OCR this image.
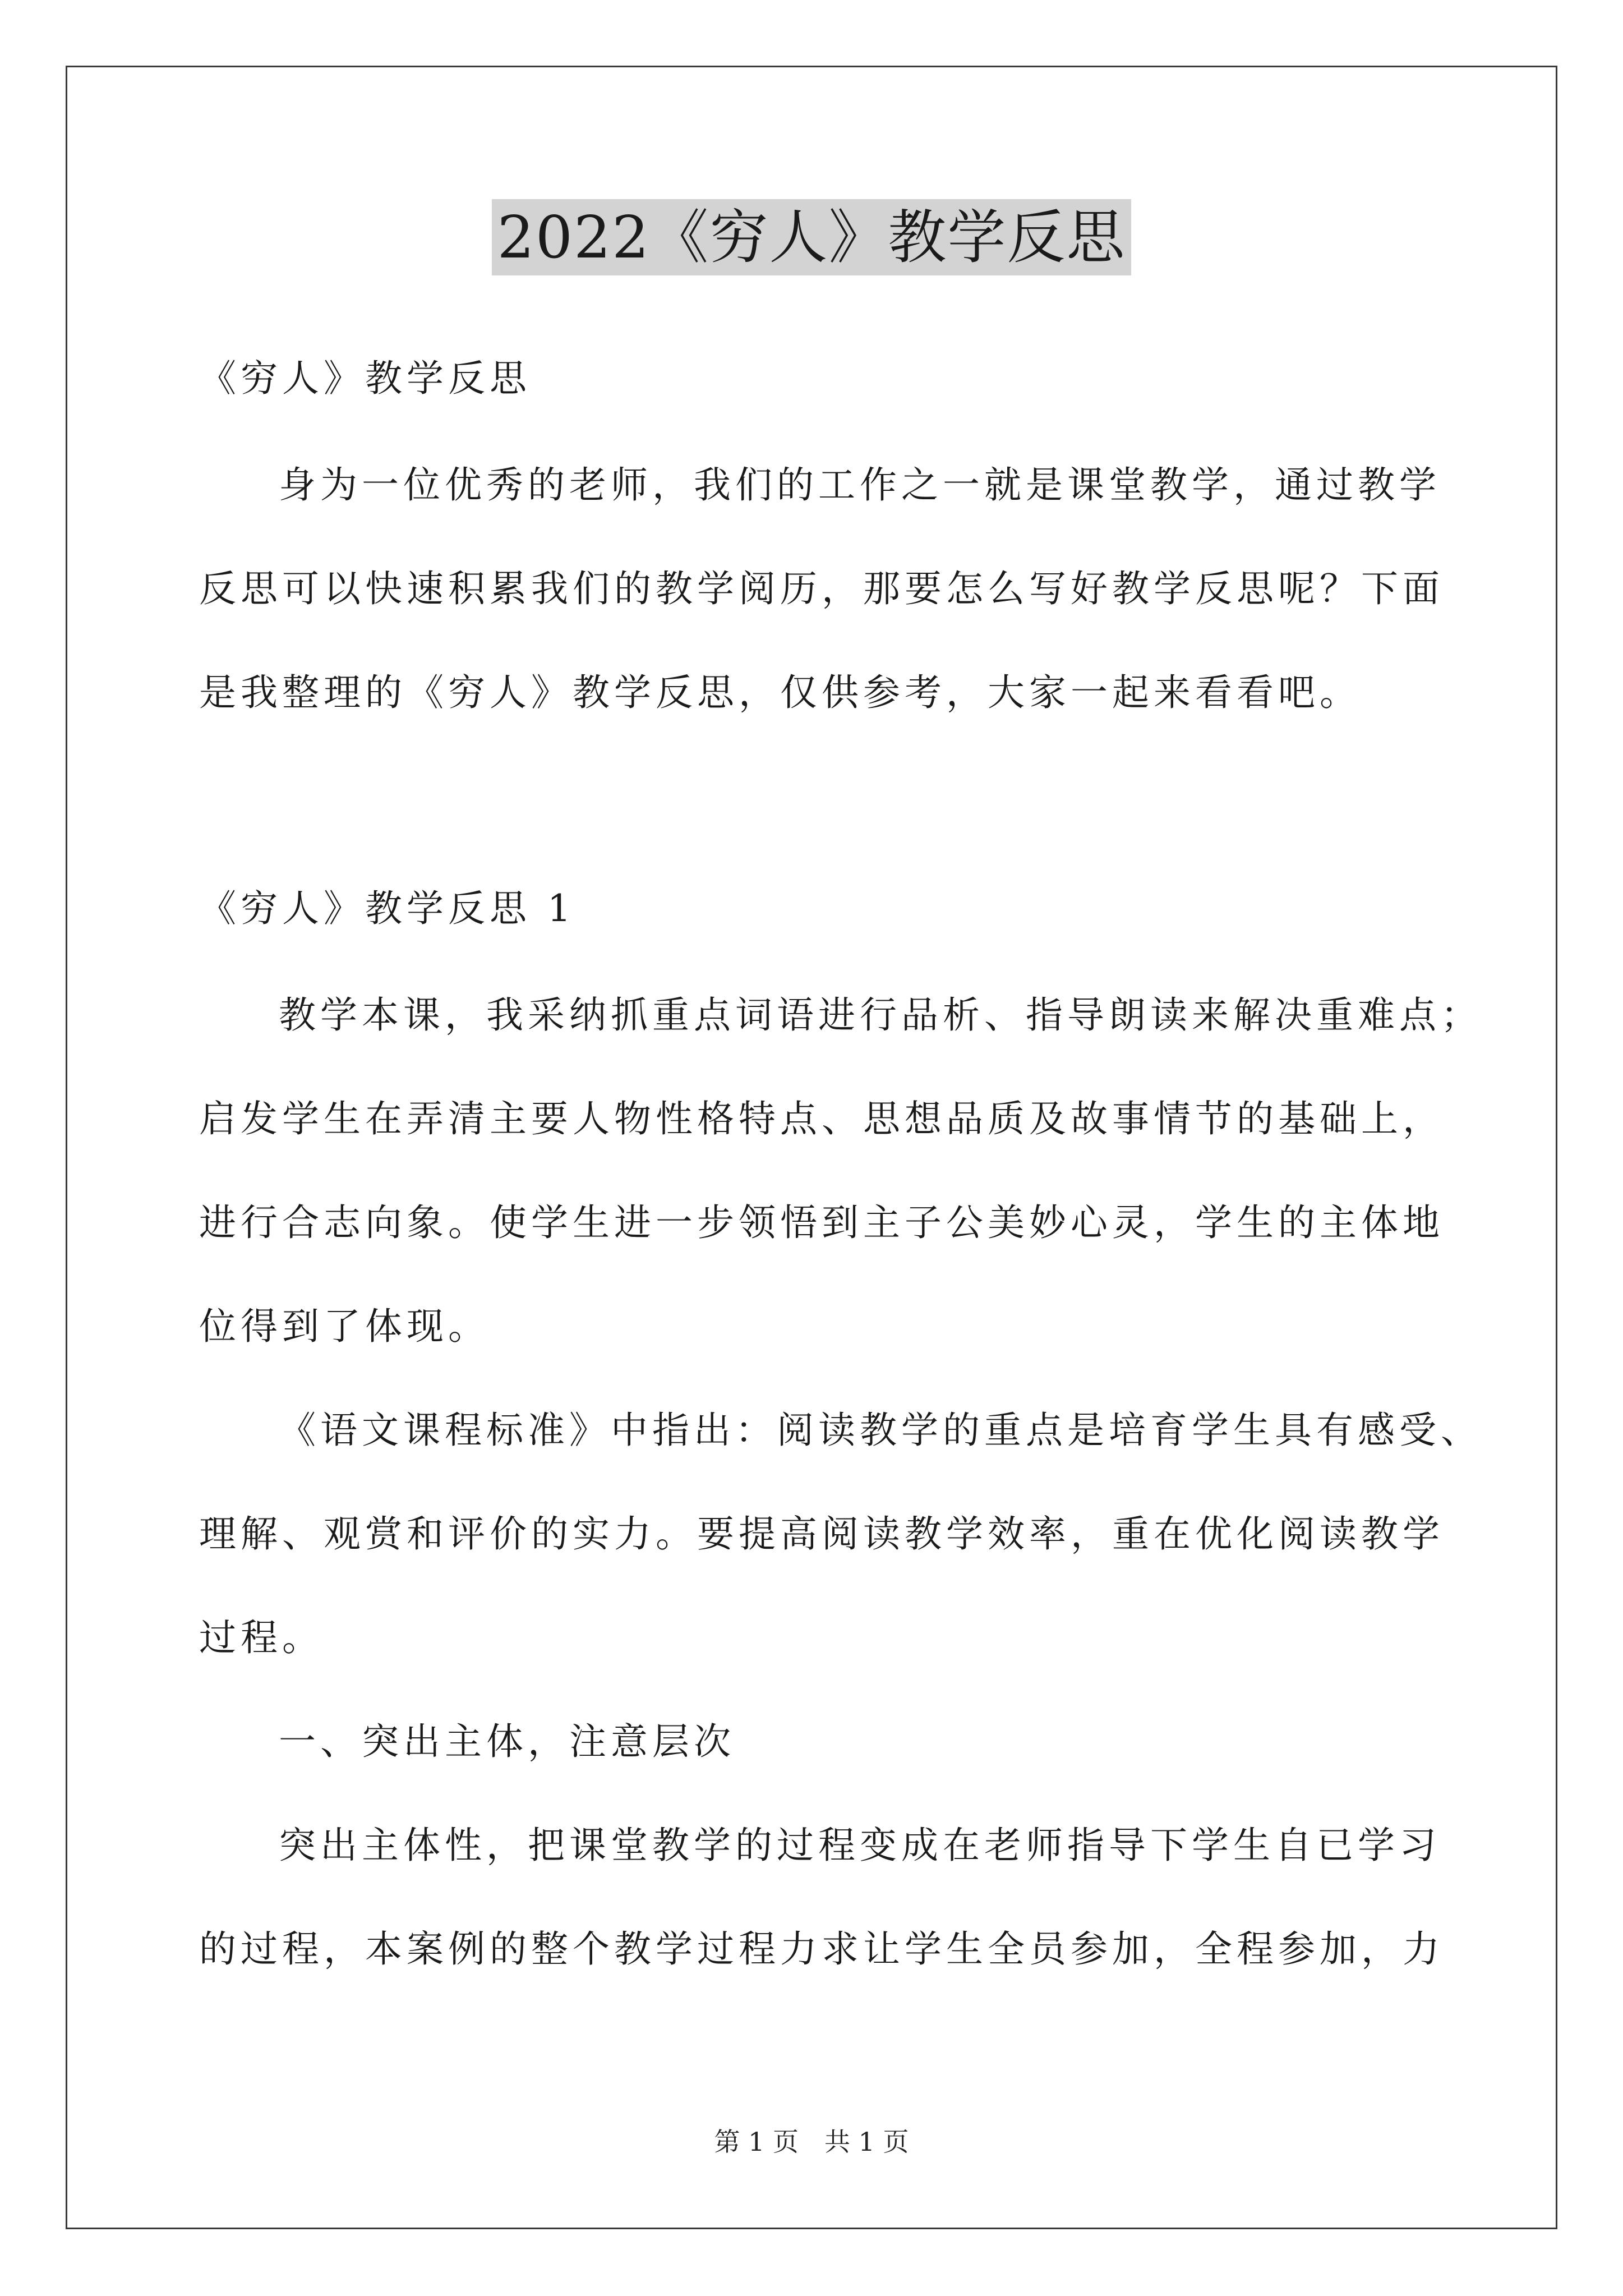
2022《穷人》教学反思
《穷人》教学反思
身为一位优秀的老师，我们的工作之一就是课堂教学，通过教学
反思可以快速积累我们的教学阅历，那要怎么写好教学反思呢？下面
是我整理的《穷人》教学反思，仅供参考，大家一起来看看吧。
《穷人》教学反思 1
教学本课，我采纳抓重点词语进行品析、指导朗读来解决重难点；
启发学生在弄清主要人物性格特点、思想品质及故事情节的基础上，
进行合志向象。使学生进一步领悟到主子公美妙心灵，学生的主体地
位得到了体现。
《语文课程标准》中指出：阅读教学的重点是培育学生具有感受、
理解、观赏和评价的实力。要提高阅读教学效率，重在优化阅读教学
过程。
一、突出主体，注意层次
突出主体性，把课堂教学的过程变成在老师指导下学生自已学习
的过程，本案例的整个教学过程力求让学生全员参加，全程参加，力
第 1 页　共 1 页
